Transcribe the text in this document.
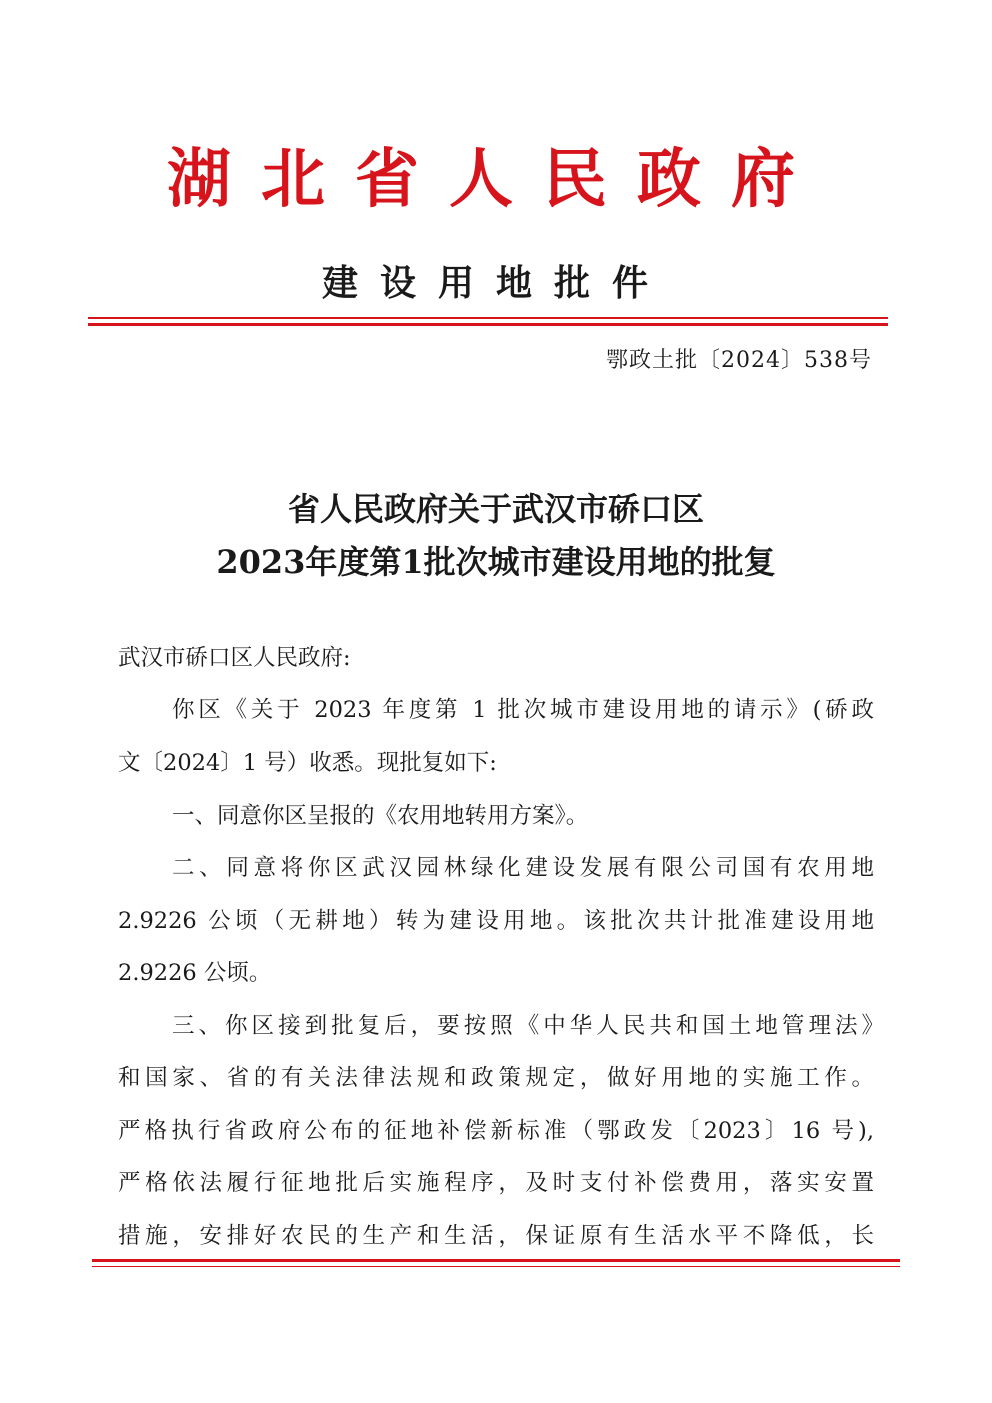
湖北省人民政府
建设用地批件
鄂政土批〔2024〕538号
省人民政府关于武汉市硚口区
2023年度第1批次城市建设用地的批复
武汉市硚口区人民政府:
你区《关于 2023 年度第 1 批次城市建设用地的请示》(硚政
文〔2024〕1 号）收悉。现批复如下:
一、同意你区呈报的《农用地转用方案》。
二、同意将你区武汉园林绿化建设发展有限公司国有农用地
2.9226 公顷（无耕地）转为建设用地。该批次共计批准建设用地
2.9226 公顷。
三、你区接到批复后，要按照《中华人民共和国土地管理法》
和国家、省的有关法律法规和政策规定，做好用地的实施工作。
严格执行省政府公布的征地补偿新标准（鄂政发〔2023〕16 号),
严格依法履行征地批后实施程序，及时支付补偿费用，落实安置
措施，安排好农民的生产和生活，保证原有生活水平不降低，长
